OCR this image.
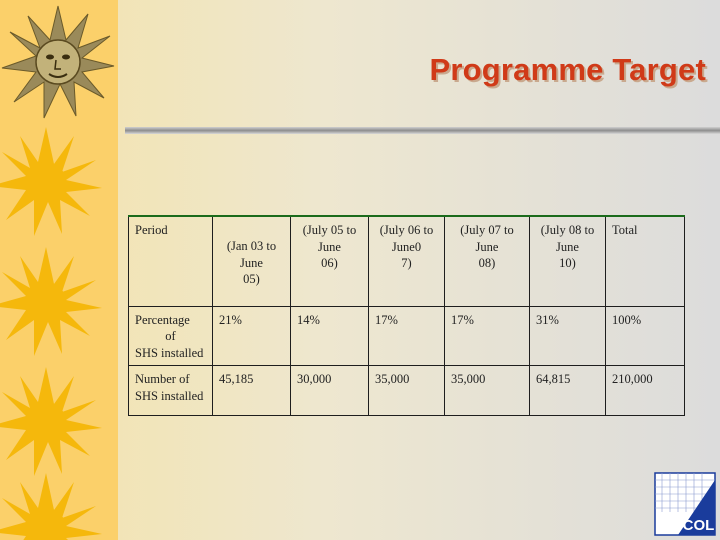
Programme Target
Period	(Jan 03 to
June
05)	(July 05 to
June
06)	(July 06 to
June0
7)	(July 07 to
June
08)	(July 08 to
June
10)	Total

Percentage
of
SHS installed	21%	14%	17%	17%	31%	100%

Number of
SHS installed	45,185	30,000	35,000	35,000	64,815	210,000
IDCOL
